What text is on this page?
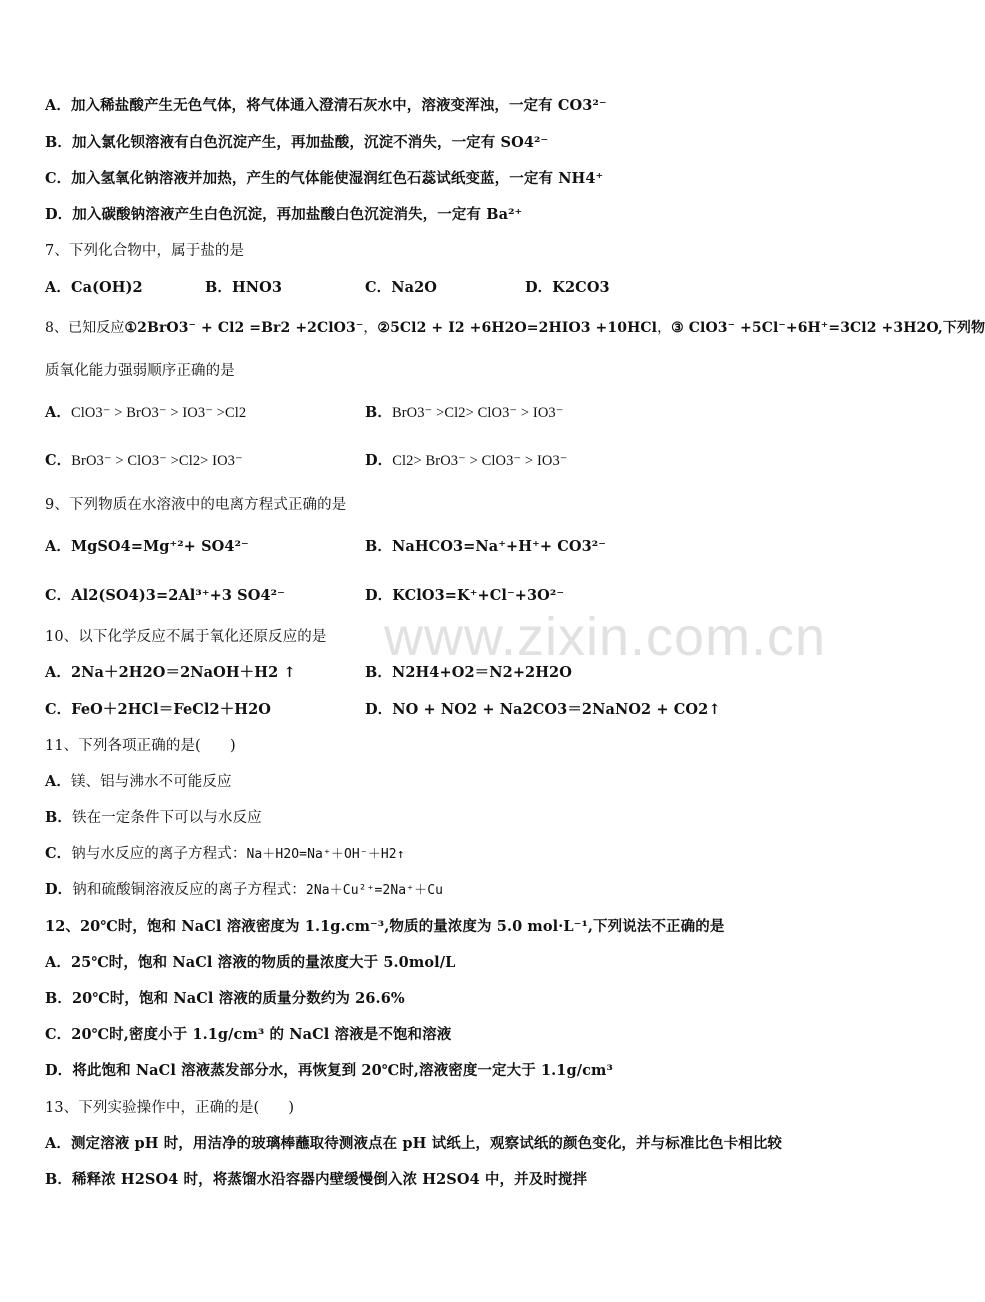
www.zixin.com.cn
A．加入稀盐酸产生无色气体，将气体通入澄清石灰水中，溶液变浑浊，一定有 CO3²⁻
B．加入氯化钡溶液有白色沉淀产生，再加盐酸，沉淀不消失，一定有 SO4²⁻
C．加入氢氧化钠溶液并加热，产生的气体能使湿润红色石蕊试纸变蓝，一定有 NH4⁺
D．加入碳酸钠溶液产生白色沉淀，再加盐酸白色沉淀消失，一定有 Ba²⁺
7、下列化合物中，属于盐的是
A．Ca(OH)2	B．HNO3	C．Na2O	D．K2CO3
8、已知反应①2BrO3⁻ + Cl2 =Br2 +2ClO3⁻，②5Cl2 + I2 +6H2O=2HIO3 +10HCl，③ ClO3⁻ +5Cl⁻+6H⁺=3Cl2 +3H2O,下列物
质氧化能力强弱顺序正确的是
A．ClO3⁻ > BrO3⁻ > IO3⁻ >Cl2	B．BrO3⁻ >Cl2> ClO3⁻ > IO3⁻
C．BrO3⁻ > ClO3⁻ >Cl2> IO3⁻	D．Cl2> BrO3⁻ > ClO3⁻ > IO3⁻
9、下列物质在水溶液中的电离方程式正确的是
A．MgSO4=Mg⁺²+ SO4²⁻	B．NaHCO3=Na⁺+H⁺+ CO3²⁻
C．Al2(SO4)3=2Al³⁺+3 SO4²⁻	D．KClO3=K⁺+Cl⁻+3O²⁻
10、以下化学反应不属于氧化还原反应的是
A．2Na＋2H2O＝2NaOH＋H2 ↑	B．N2H4+O2＝N2+2H2O
C．FeO＋2HCl＝FeCl2＋H2O	D．NO + NO2 + Na2CO3＝2NaNO2 + CO2↑
11、下列各项正确的是(　　)
A．镁、铝与沸水不可能反应
B．铁在一定条件下可以与水反应
C．钠与水反应的离子方程式：Na＋H2O=Na⁺＋OH⁻＋H2↑
D．钠和硫酸铜溶液反应的离子方程式：2Na＋Cu²⁺=2Na⁺＋Cu
12、20℃时，饱和 NaCl 溶液密度为 1.1g.cm⁻³,物质的量浓度为 5.0 mol·L⁻¹,下列说法不正确的是
A．25℃时，饱和 NaCl 溶液的物质的量浓度大于 5.0mol/L
B．20℃时，饱和 NaCl 溶液的质量分数约为 26.6%
C．20℃时,密度小于 1.1g/cm³ 的 NaCl 溶液是不饱和溶液
D．将此饱和 NaCl 溶液蒸发部分水，再恢复到 20℃时,溶液密度一定大于 1.1g/cm³
13、下列实验操作中，正确的是(　　)
A．测定溶液 pH 时，用洁净的玻璃棒蘸取待测液点在 pH 试纸上，观察试纸的颜色变化，并与标准比色卡相比较
B．稀释浓 H2SO4 时，将蒸馏水沿容器内壁缓慢倒入浓 H2SO4 中，并及时搅拌
